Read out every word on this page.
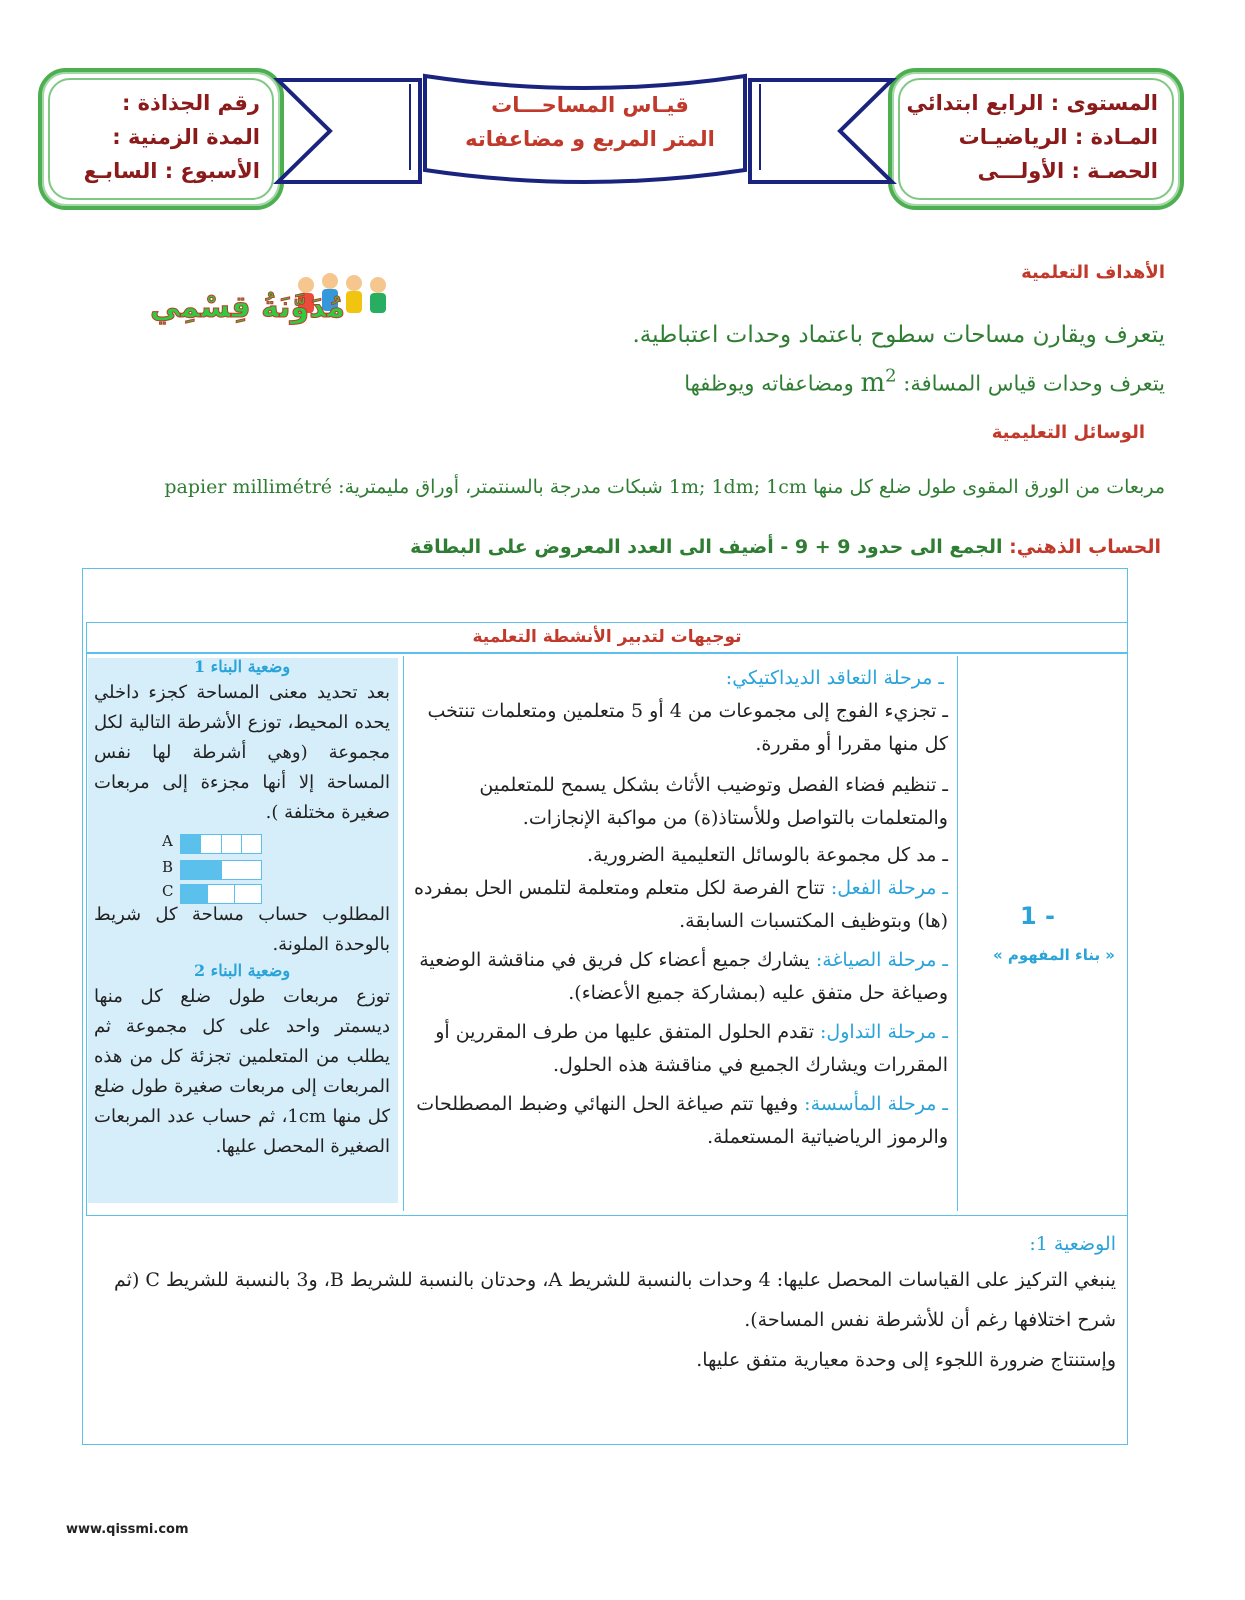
المستوى : الرابع ابتدائي
المـادة : الرياضيـات
الحصـة : الأولـــى
رقم الجذاذة :
المدة الزمنية :
الأسبوع : السابـع
قيـاس المساحـــات
المتر المربع و مضاعفاته
مُدَوَّنَةُ قِسْمِي
الأهداف التعلمية
يتعرف ويقارن مساحات سطوح باعتماد وحدات اعتباطية.
يتعرف وحدات قياس المسافة: $m^2$ ومضاعفاته ويوظفها
الوسائل التعليمية
مربعات من الورق المقوى طول ضلع كل منها 1m; 1dm; 1cm شبكات مدرجة بالسنتمتر، أوراق مليمترية: papier millimétré
الحساب الذهني: الجمع الى حدود 9 + 9 - أضيف الى العدد المعروض على البطاقة
توجيهات لتدبير الأنشطة التعلمية
1 -
« بناء المفهوم »
ـ مرحلة التعاقد الديداكتيكي:
ـ تجزيء الفوج إلى مجموعات من 4 أو 5 متعلمين ومتعلمات تنتخب كل منها مقررا أو مقررة.
ـ تنظيم فضاء الفصل وتوضيب الأثاث بشكل يسمح للمتعلمين والمتعلمات بالتواصل وللأستاذ(ة) من مواكبة الإنجازات.
ـ مد كل مجموعة بالوسائل التعليمية الضرورية.
ـ مرحلة الفعل: تتاح الفرصة لكل متعلم ومتعلمة لتلمس الحل بمفرده (ها) وبتوظيف المكتسبات السابقة.
ـ مرحلة الصياغة: يشارك جميع أعضاء كل فريق في مناقشة الوضعية وصياغة حل متفق عليه (بمشاركة جميع الأعضاء).
ـ مرحلة التداول: تقدم الحلول المتفق عليها من طرف المقررين أو المقررات ويشارك الجميع في مناقشة هذه الحلول.
ـ مرحلة المأسسة: وفيها تتم صياغة الحل النهائي وضبط المصطلحات والرموز الرياضياتية المستعملة.
وضعية البناء 1
بعد تحديد معنى المساحة كجزء داخلي يحده المحيط، توزع الأشرطة التالية لكل مجموعة (وهي أشرطة لها نفس المساحة إلا أنها مجزءة إلى مربعات صغيرة مختلفة ).
A
B
C
المطلوب حساب مساحة كل شريط بالوحدة الملونة.
وضعية البناء 2
توزع مربعات طول ضلع كل منها ديسمتر واحد على كل مجموعة ثم يطلب من المتعلمين تجزئة كل من هذه المربعات إلى مربعات صغيرة طول ضلع كل منها 1cm، ثم حساب عدد المربعات الصغيرة المحصل عليها.
الوضعية 1:
ينبغي التركيز على القياسات المحصل عليها: 4 وحدات بالنسبة للشريط A، وحدتان بالنسبة للشريط B، و3 بالنسبة للشريط C (ثم شرح اختلافها رغم أن للأشرطة نفس المساحة).
وإستنتاج ضرورة اللجوء إلى وحدة معيارية متفق عليها.
www.qissmi.com
